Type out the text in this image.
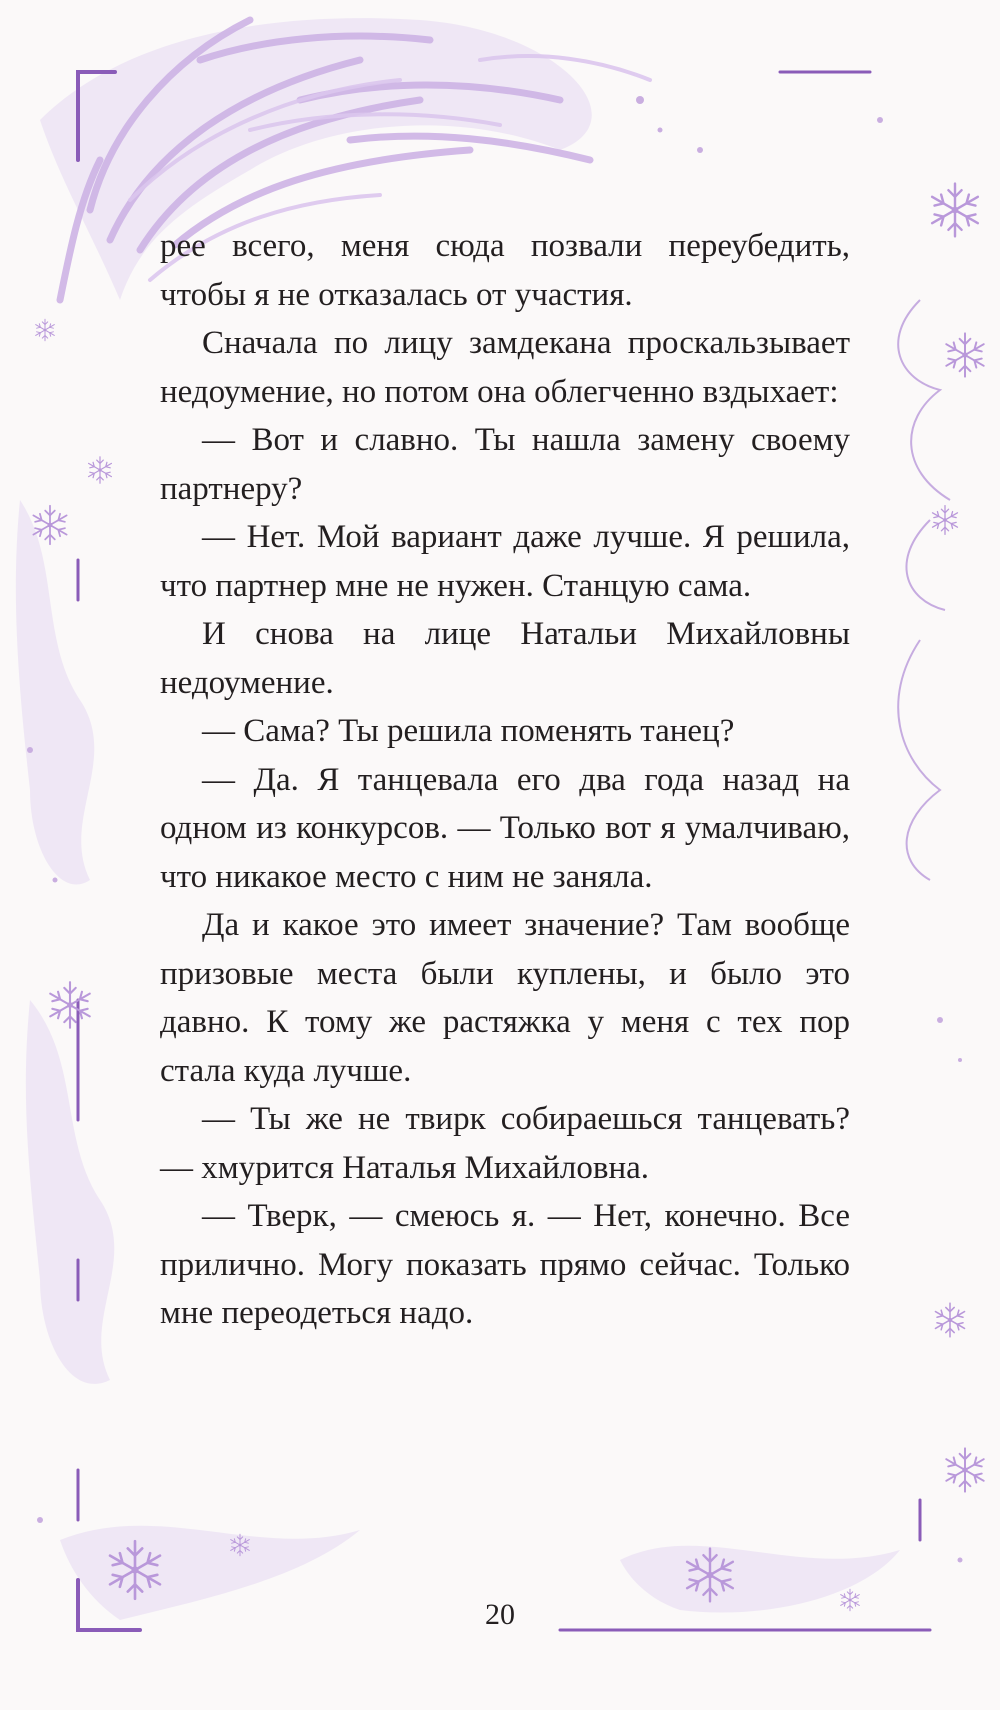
рее всего, меня сюда позвали переубедить, чтобы я не отказалась от участия.

Сначала по лицу замдекана проскальзывает недоумение, но потом она облегченно вздыхает:

— Вот и славно. Ты нашла замену своему партнеру?

— Нет. Мой вариант даже лучше. Я решила, что партнер мне не нужен. Станцую сама.

И снова на лице Натальи Михайловны недоумение.

— Сама? Ты решила поменять танец?

— Да. Я танцевала его два года назад на одном из конкурсов. — Только вот я умалчиваю, что никакое место с ним не заняла.

Да и какое это имеет значение? Там вообще призовые места были куплены, и было это давно. К тому же растяжка у меня с тех пор стала куда лучше.

— Ты же не твирк собираешься танцевать? — хмурится Наталья Михайловна.

— Тверк, — смеюсь я. — Нет, конечно. Все прилично. Могу показать прямо сейчас. Только мне переодеться надо.

20
